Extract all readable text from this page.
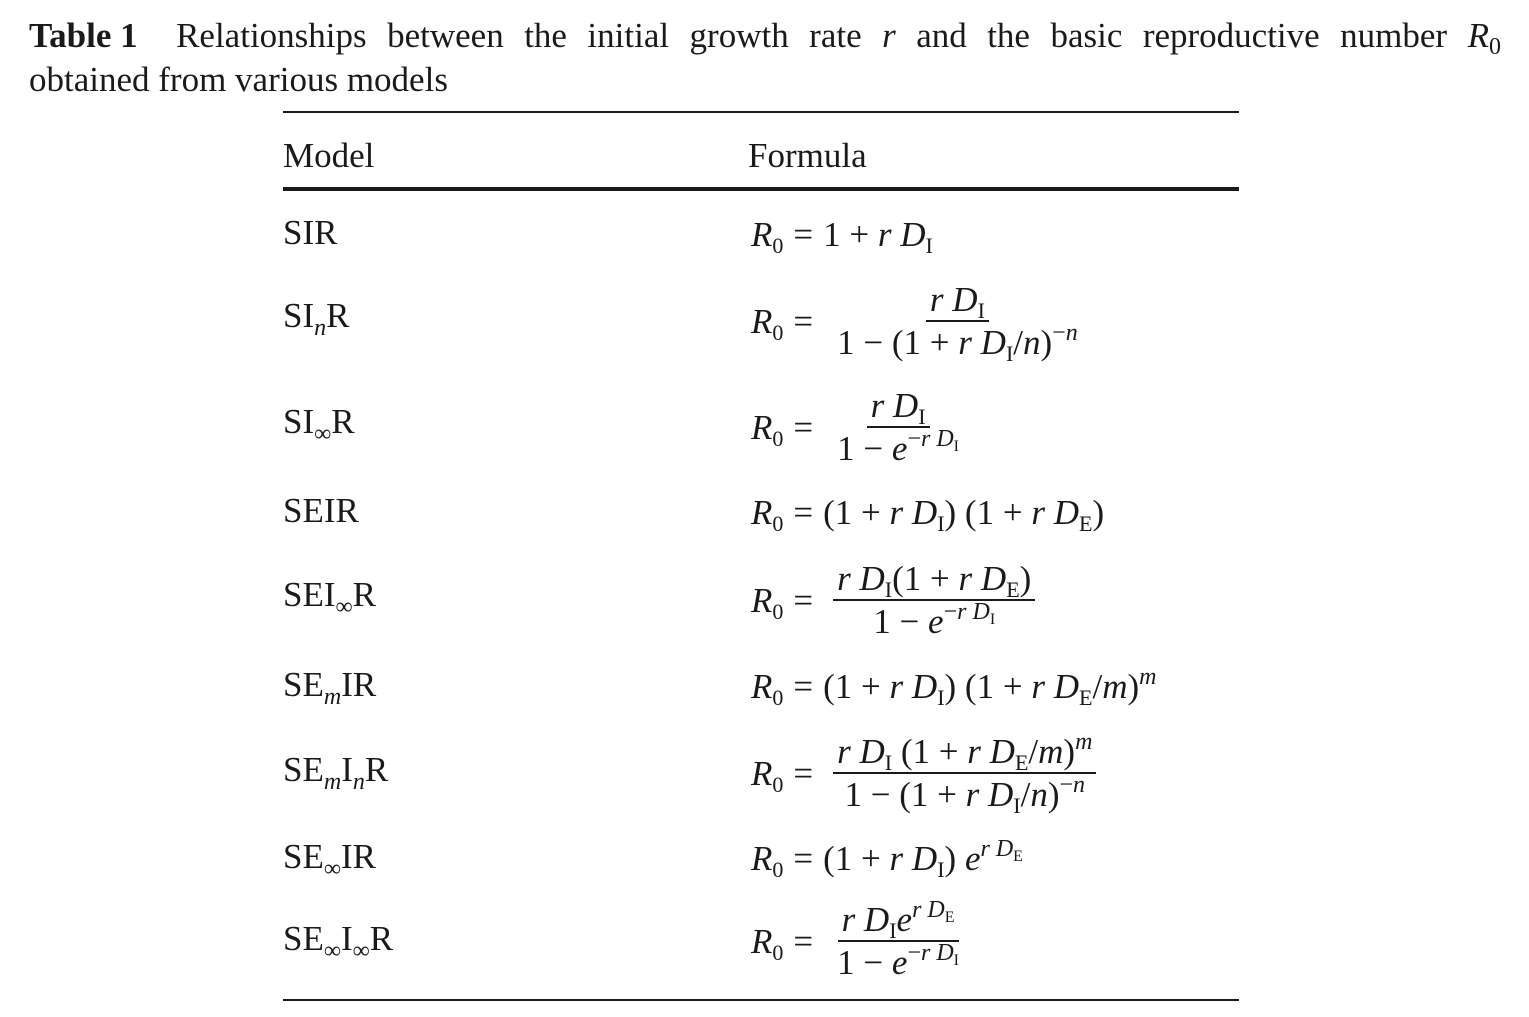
Table 1 Relationships between the initial growth rate r and the basic reproductive number $R_0$
obtained from various models
Model	Formula
SIR	$R_0 = 1 + r$ $D_I$
$SI_nR$	$R_0 = \frac{r D_I}{1 - (1 + r D_I/n)^{-n}}$
$SI_\infty R$	$R_0 = \frac{r D_I}{1 - e^{-r D_I}}$
SEIR	$R_0 = (1 + r$ $D_I$) (1 + r $D_E$)
$SEI_\infty R$	$R_0 = \frac{r D_I(1 + r D_E)}{1 - e^{-r D_I}}$
$SE_mIR$	$R_0 = (1 + r$ $D_I$) (1 + r $D_E/m)^m$
$SE_mI_nR$	$R_0 = \frac{r D_I (1 + r D_E/m)^m}{1 - (1 + r D_I/n)^{-n}}$
$SE_\infty IR$	$R_0 = (1 + r$ $D_I$) $e^{r D_E}$
$SE_\infty I_\infty R$	$R_0 = \frac{r D_Ie^{r D_E}}{1 - e^{-r D_I}}$
